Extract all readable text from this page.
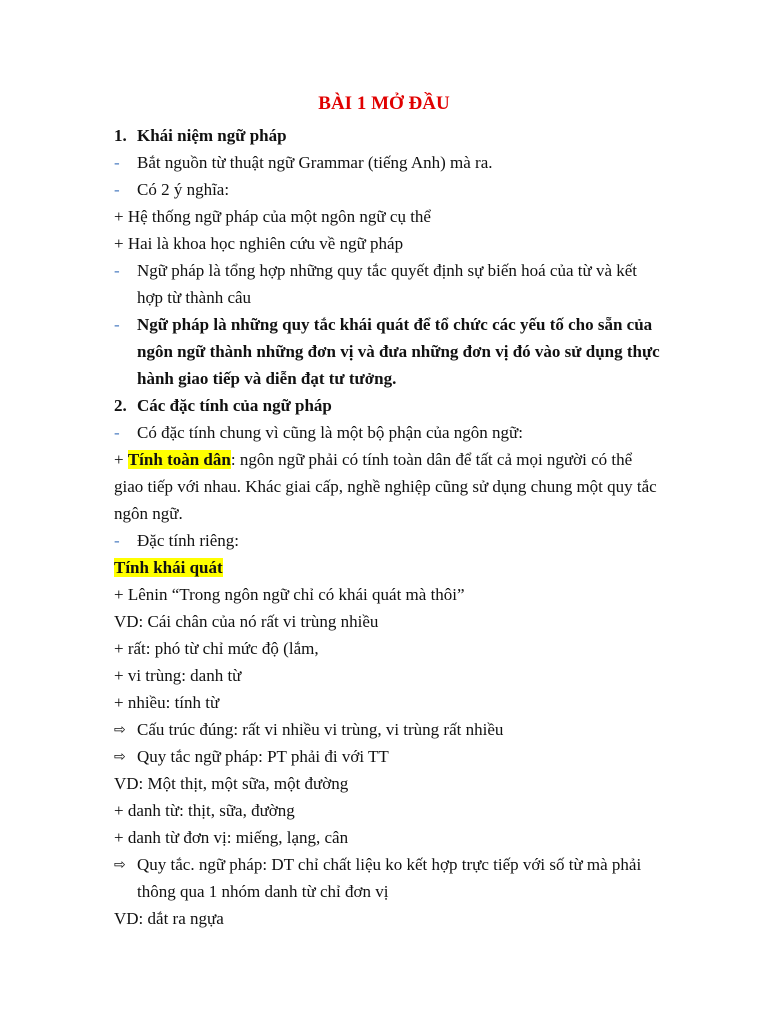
BÀI 1 MỞ ĐẦU
1. Khái niệm ngữ pháp
- Bắt nguồn từ thuật ngữ Grammar (tiếng Anh) mà ra.
- Có 2 ý nghĩa:
+ Hệ thống ngữ pháp của một ngôn ngữ cụ thể
+ Hai là khoa học nghiên cứu về ngữ pháp
- Ngữ pháp là tổng hợp những quy tắc quyết định sự biến hoá của từ và kết
hợp từ thành câu
- Ngữ pháp là những quy tắc khái quát để tổ chức các yếu tố cho sẵn của
ngôn ngữ thành những đơn vị và đưa những đơn vị đó vào sử dụng thực
hành giao tiếp và diễn đạt tư tưởng.
2. Các đặc tính của ngữ pháp
- Có đặc tính chung vì cũng là một bộ phận của ngôn ngữ:
+ Tính toàn dân: ngôn ngữ phải có tính toàn dân để tất cả mọi người có thể
giao tiếp với nhau. Khác giai cấp, nghề nghiệp cũng sử dụng chung một quy tắc
ngôn ngữ.
- Đặc tính riêng:
Tính khái quát
+ Lênin “Trong ngôn ngữ chỉ có khái quát mà thôi”
VD: Cái chân của nó rất vi trùng nhiều
+ rất: phó từ chỉ mức độ (lắm,
+ vi trùng: danh từ
+ nhiều: tính từ
⇨ Cấu trúc đúng: rất vi nhiều vi trùng, vi trùng rất nhiều
⇨ Quy tắc ngữ pháp: PT phải đi với TT
VD: Một thịt, một sữa, một đường
+ danh từ: thịt, sữa, đường
+ danh từ đơn vị: miếng, lạng, cân
⇨ Quy tắc. ngữ pháp: DT chỉ chất liệu ko kết hợp trực tiếp với số từ mà phải
thông qua 1 nhóm danh từ chỉ đơn vị
VD: dắt ra ngựa
